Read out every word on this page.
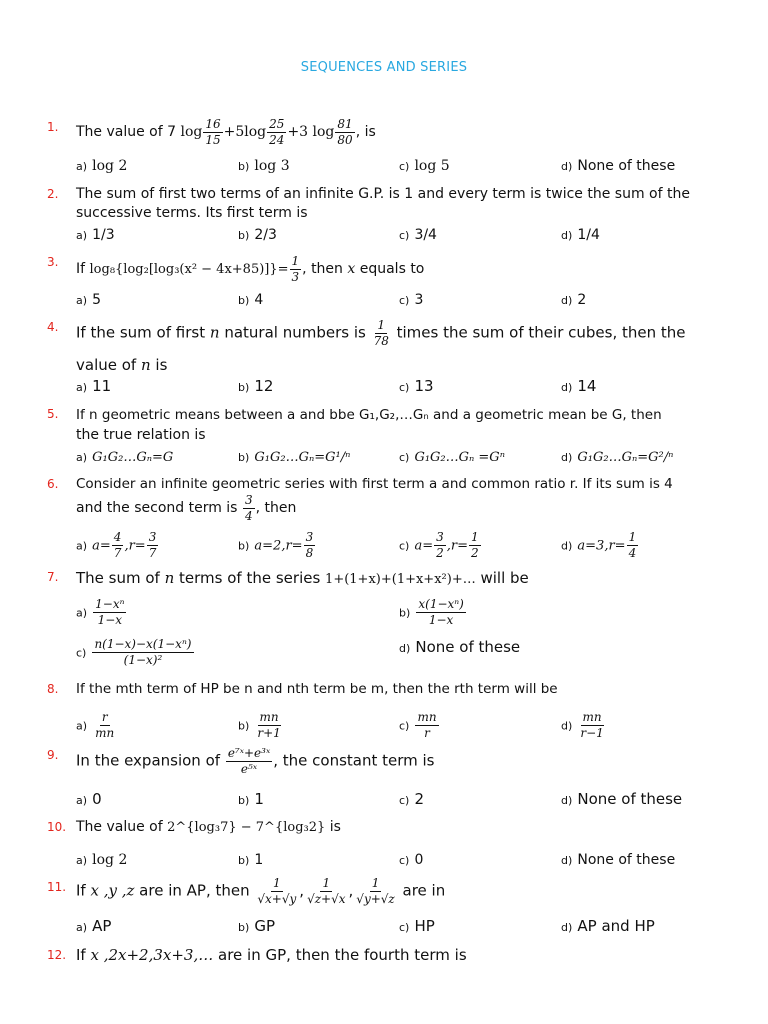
SEQUENCES AND SERIES
1. The value of 7 $\log \frac{16}{15} +5\log \frac{25}{24} +3$ $\log \frac{81}{80}$ , is
a) log 2	b) log 3	c) log 5	d) None of these
2. The sum of first two terms of an infinite G.P. is 1 and every term is twice the sum of the
successive terms. Its first term is
a) 1/3	b) 2/3	c) 3/4	d) 1/4
3. If $\log_8\{\log_2[\log_3(x^2 - 4x+85)]\}= \frac{1}{3}$ , then x equals to
a) 5	b) 4	c) 3	d) 2
4. If the sum of first n natural numbers is $\frac{1}{78}$ times the sum of their cubes, then the
value of n is
a) 11	b) 12	c) 13	d) 14
5. If n geometric means between a and bbe G₁,G₂,…Gₙ and a geometric mean be G, then
the true relation is
a) G₁G₂…Gₙ=G	b) G₁G₂…Gₙ=G¹/ⁿ	c) G₁G₂…Gₙ =Gⁿ	d) G₁G₂…Gₙ=G²/ⁿ
6. Consider an infinite geometric series with first term a and common ratio r. If its sum is 4
and the second term is $\frac{3}{4}$ , then
a) $a= \frac{4}{7} ,r= \frac{3}{7}$	b) $a=2,r= \frac{3}{8}$	c) $a= \frac{3}{2} ,r= \frac{1}{2}$	d) $a=3,r= \frac{1}{4}$
7. The sum of n terms of the series 1+(1+x)+(1+x+x²)+… will be
$a) \frac{\text{1−xⁿ}}{1-x}$	$b) \frac{\text{x(1−xⁿ)}}{1-x}$
$c) \frac{\text{n(1−x)−x(1−xⁿ)}}{\text{(1−x)²}}$	d) None of these
8. If the mth term of HP be n and nth term be m, then the rth term will be
$a) \frac{r}{mn}$	$b) \frac{mn}{r+1}$	$c) \frac{mn}{r}$	$d) \frac{mn}{r-1}$
9. In the expansion of $\frac{\text{e⁷ˣ+e³ˣ}}{\text{e⁵ˣ}}$ , the constant term is
a) 0	b) 1	c) 2	d) None of these
10. The value of 2^{log₃7} − 7^{log₃2} is
a) log 2	b) 1	c) 0	d) None of these
11. If x ,y ,z are in AP, then $\frac{1}{√x+√y}$ , $\frac{1}{√z+√x}$ , $\frac{1}{√y+√z}$ are in
a) AP	b) GP	c) HP	d) AP and HP
12. If x ,2x+2,3x+3,… are in GP, then the fourth term is
